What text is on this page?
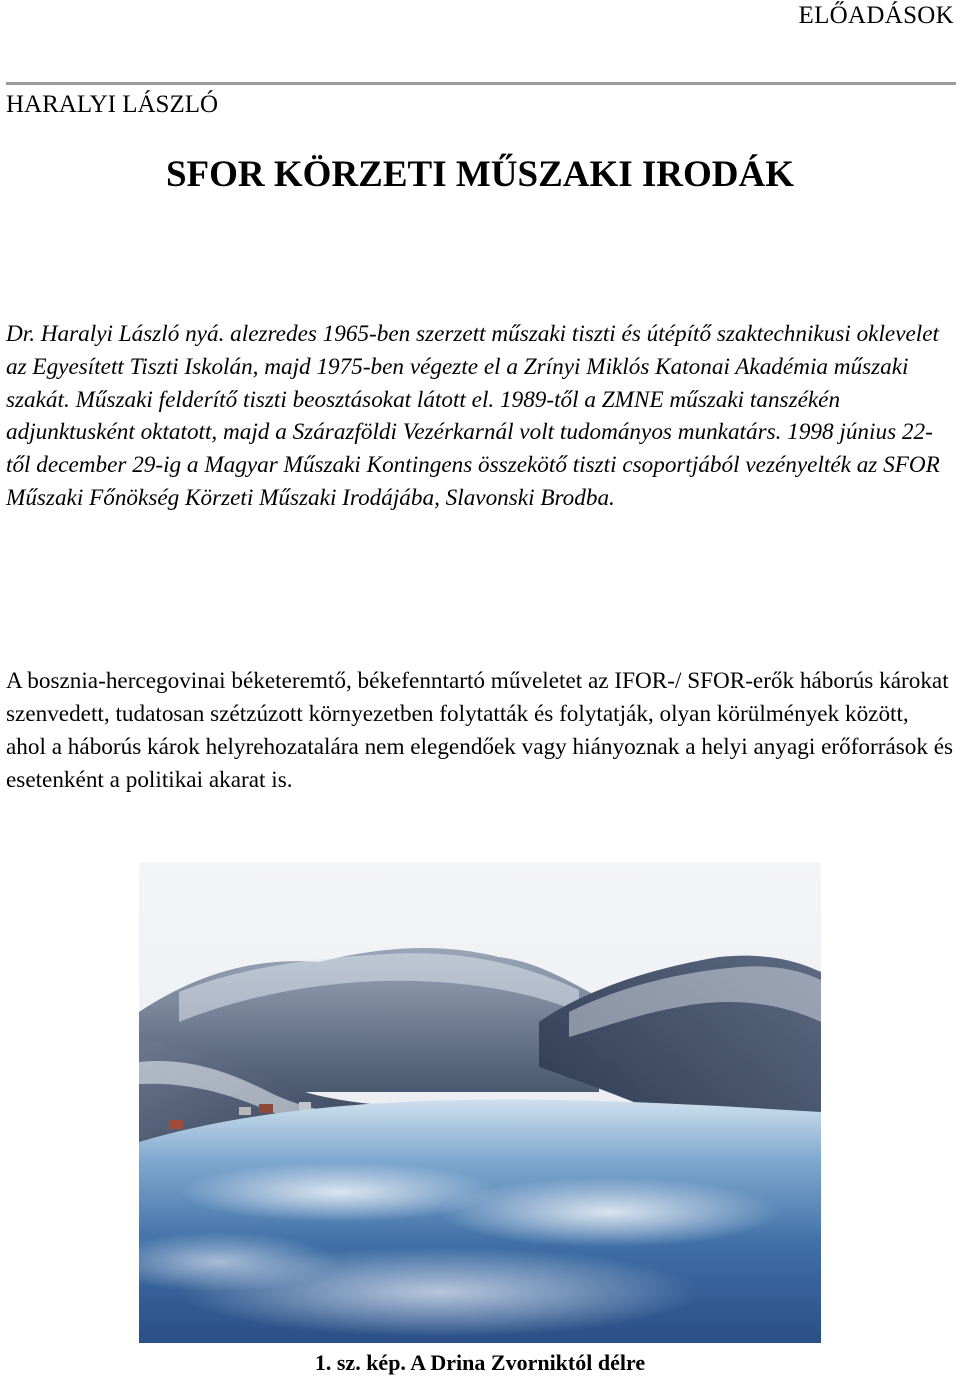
ELŐADÁSOK
HARALYI LÁSZLÓ
SFOR KÖRZETI MŰSZAKI IRODÁK

Dr. Haralyi László nyá. alezredes 1965-ben szerzett műszaki tiszti és útépítő szaktechnikusi oklevelet az Egyesített Tiszti Iskolán, majd 1975-ben végezte el a Zrínyi Miklós Katonai Akadémia műszaki szakát. Műszaki felderítő tiszti beosztásokat látott el. 1989-től a ZMNE műszaki tanszékén adjunktusként oktatott, majd a Szárazföldi Vezérkarnál volt tudományos munkatárs. 1998 június 22-től december 29-ig a Magyar Műszaki Kontingens összekötő tiszti csoportjából vezényelték az SFOR Műszaki Főnökség Körzeti Műszaki Irodájába, Slavonski Brodba.

A bosznia-hercegovinai béketeremtő, békefenntartó műveletet az IFOR-/ SFOR-erők háborús károkat szenvedett, tudatosan szétzúzott környezetben folytatták és folytatják, olyan körülmények között, ahol a háborús károk helyrehozatalára nem elegendőek vagy hiányoznak a helyi anyagi erőforrások és esetenként a politikai akarat is.

1. sz. kép. A Drina Zvorniktól délre
